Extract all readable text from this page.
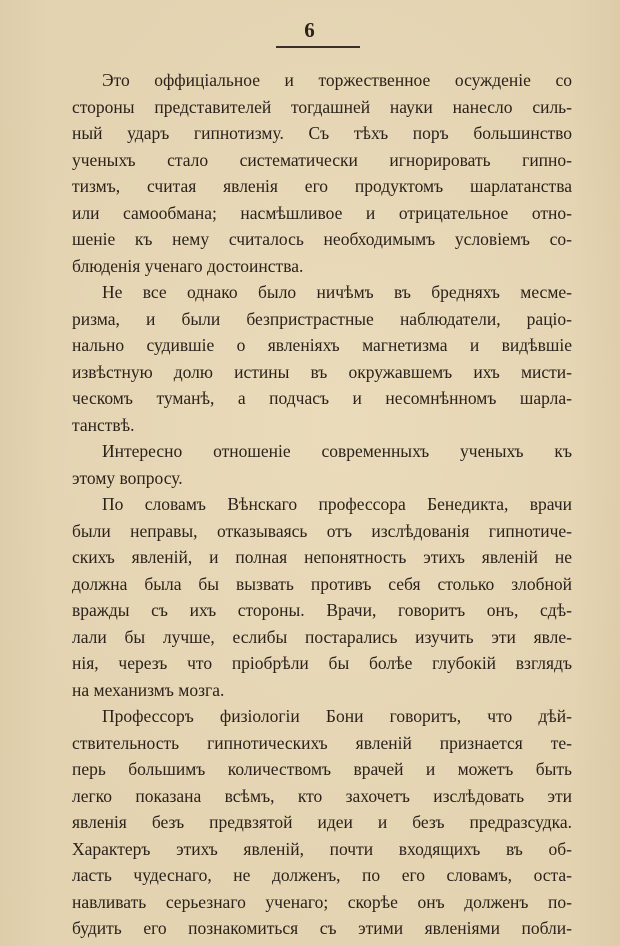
6
Это оффиціальное и торжественное осужденіе со
стороны представителей тогдашней науки нанесло силь-
ный ударъ гипнотизму. Съ тѣхъ поръ большинство
ученыхъ стало систематически игнорировать гипно-
тизмъ, считая явленія его продуктомъ шарлатанства
или самообмана; насмѣшливое и отрицательное отно-
шеніе къ нему считалось необходимымъ условіемъ со-
блюденія ученаго достоинства.
Не все однако было ничѣмъ въ бредняхъ месме-
ризма, и были безпристрастные наблюдатели, раціо-
нально судившіе о явленіяхъ магнетизма и видѣвшіе
извѣстную долю истины въ окружавшемъ ихъ мисти-
ческомъ туманѣ, а подчасъ и несомнѣнномъ шарла-
танствѣ.
Интересно отношеніе современныхъ ученыхъ къ
этому вопросу.
По словамъ Вѣнскаго профессора Бенедикта, врачи
были неправы, отказываясь отъ изслѣдованія гипнотиче-
скихъ явленій, и полная непонятность этихъ явленій не
должна была бы вызвать противъ себя столько злобной
вражды съ ихъ стороны. Врачи, говоритъ онъ, сдѣ-
лали бы лучше, еслибы постарались изучить эти явле-
нія, черезъ что пріобрѣли бы болѣе глубокій взглядъ
на механизмъ мозга.
Профессоръ физіологіи Бони говоритъ, что дѣй-
ствительность гипнотическихъ явленій признается те-
перь большимъ количествомъ врачей и можетъ быть
легко показана всѣмъ, кто захочетъ изслѣдовать эти
явленія безъ предвзятой идеи и безъ предразсудка.
Характеръ этихъ явленій, почти входящихъ въ об-
ласть чудеснаго, не долженъ, по его словамъ, оста-
навливать серьезнаго ученаго; скорѣе онъ долженъ по-
будить его познакомиться съ этими явленіями побли-
